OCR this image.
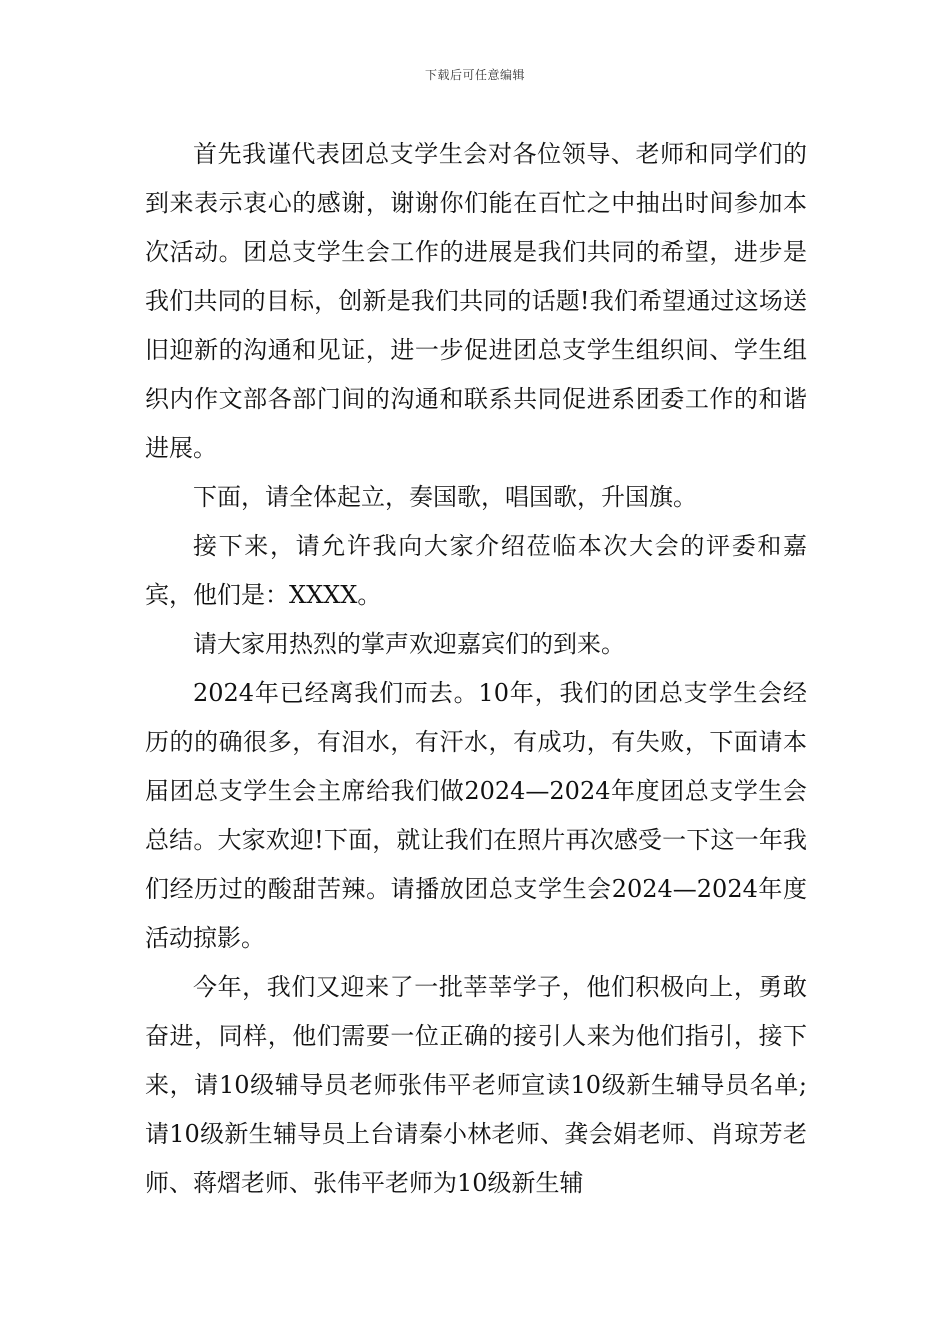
下载后可任意编辑

首先我谨代表团总支学生会对各位领导、老师和同学们的到来表示衷心的感谢，谢谢你们能在百忙之中抽出时间参加本次活动。团总支学生会工作的进展是我们共同的希望，进步是我们共同的目标，创新是我们共同的话题!我们希望通过这场送旧迎新的沟通和见证，进一步促进团总支学生组织间、学生组织内作文部各部门间的沟通和联系共同促进系团委工作的和谐进展。

下面，请全体起立，奏国歌，唱国歌，升国旗。

接下来，请允许我向大家介绍莅临本次大会的评委和嘉宾，他们是：XXXX。

请大家用热烈的掌声欢迎嘉宾们的到来。

2024年已经离我们而去。10年，我们的团总支学生会经历的的确很多，有泪水，有汗水，有成功，有失败，下面请本届团总支学生会主席给我们做2024—2024年度团总支学生会总结。大家欢迎!下面，就让我们在照片再次感受一下这一年我们经历过的酸甜苦辣。请播放团总支学生会2024—2024年度活动掠影。

今年，我们又迎来了一批莘莘学子，他们积极向上，勇敢奋进，同样，他们需要一位正确的接引人来为他们指引，接下来，请10级辅导员老师张伟平老师宣读10级新生辅导员名单;请10级新生辅导员上台请秦小林老师、龚会娟老师、肖琼芳老师、蒋熠老师、张伟平老师为10级新生辅
